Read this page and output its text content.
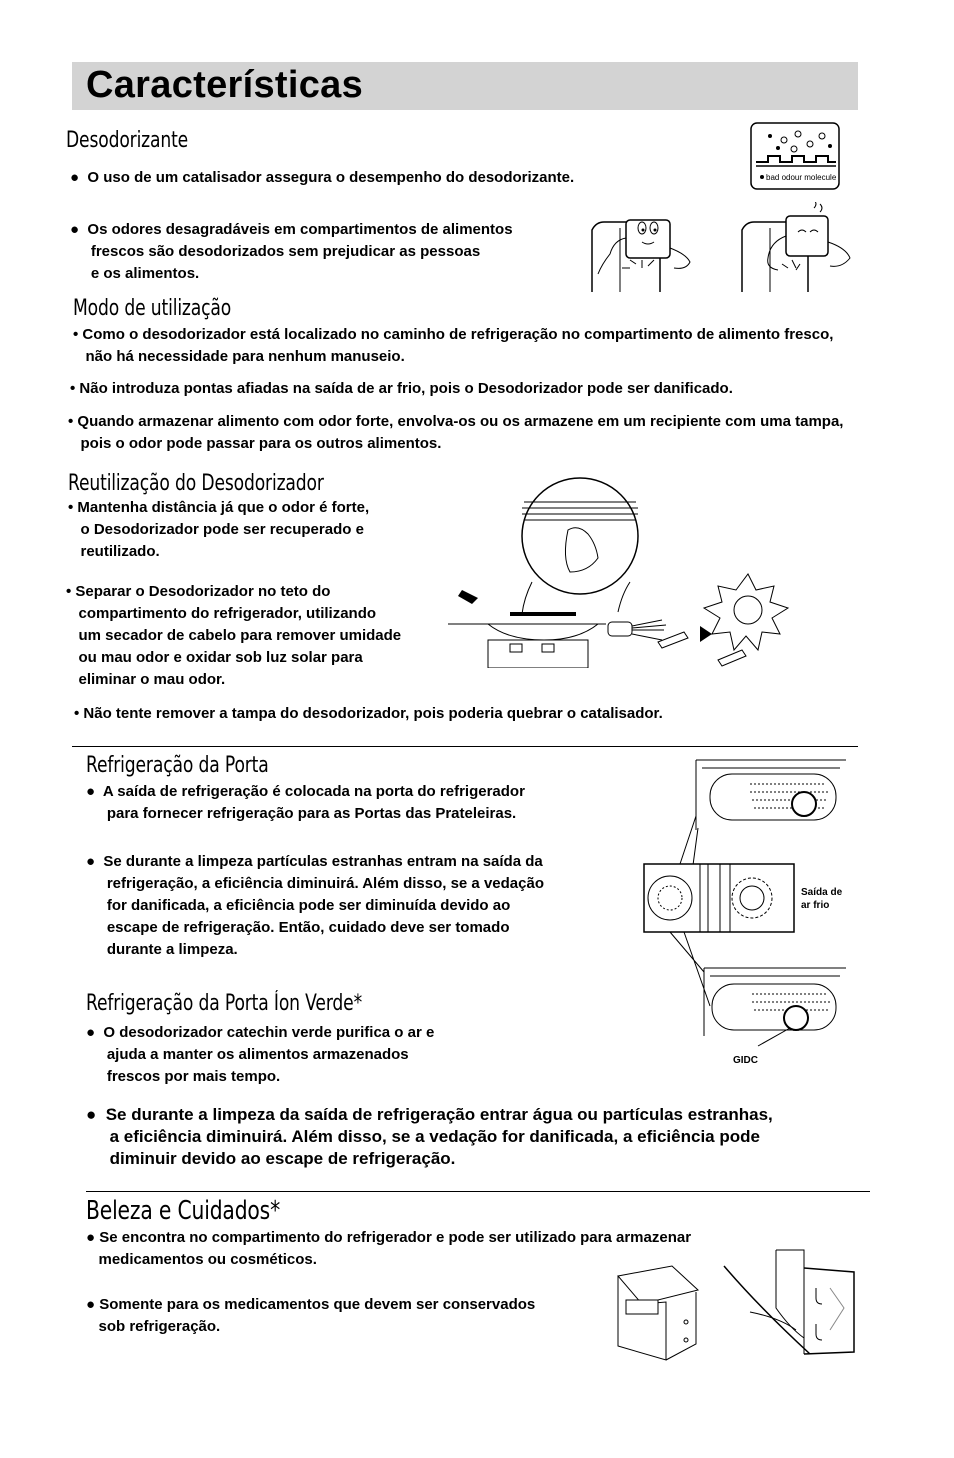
Características
Desodorizante

●  O uso de um catalisador assegura o desempenho do desodorizante.

●  Os odores desagradáveis em compartimentos de alimentos
frescos são desodorizados sem prejudicar as pessoas
e os alimentos.

bad odour molecule
Modo de utilização

• Como o desodorizador está localizado no caminho de refrigeração no compartimento de alimento fresco,
não há necessidade para nenhum manuseio.

• Não introduza pontas afiadas na saída de ar frio, pois o Desodorizador pode ser danificado.

• Quando armazenar alimento com odor forte, envolva-os ou os armazene em um recipiente com uma tampa,
pois o odor pode passar para os outros alimentos.

Reutilização do Desodorizador

• Mantenha distância já que o odor é forte,
o Desodorizador pode ser recuperado e
reutilizado.

• Separar o Desodorizador no teto do
compartimento do refrigerador, utilizando
um secador de cabelo para remover umidade
ou mau odor e oxidar sob luz solar para
eliminar o mau odor.

• Não tente remover a tampa do desodorizador, pois poderia quebrar o catalisador.

Refrigeração da Porta

●  A saída de refrigeração é colocada na porta do refrigerador
para fornecer refrigeração para as Portas das Prateleiras.

●  Se durante a limpeza partículas estranhas entram na saída da
refrigeração, a eficiência diminuirá. Além disso, se a vedação
for danificada, a eficiência pode ser diminuída devido ao
escape de refrigeração. Então, cuidado deve ser tomado
durante a limpeza.

Saída de
ar frio
GIDC
Refrigeração da Porta Íon Verde*

●  O desodorizador catechin verde purifica o ar e
ajuda a manter os alimentos armazenados
frescos por mais tempo.

●  Se durante a limpeza da saída de refrigeração entrar água ou partículas estranhas,
a eficiência diminuirá. Além disso, se a vedação for danificada, a eficiência pode
diminuir devido ao escape de refrigeração.

Beleza e Cuidados*

● Se encontra no compartimento do refrigerador e pode ser utilizado para armazenar
medicamentos ou cosméticos.

● Somente para os medicamentos que devem ser conservados
sob refrigeração.
